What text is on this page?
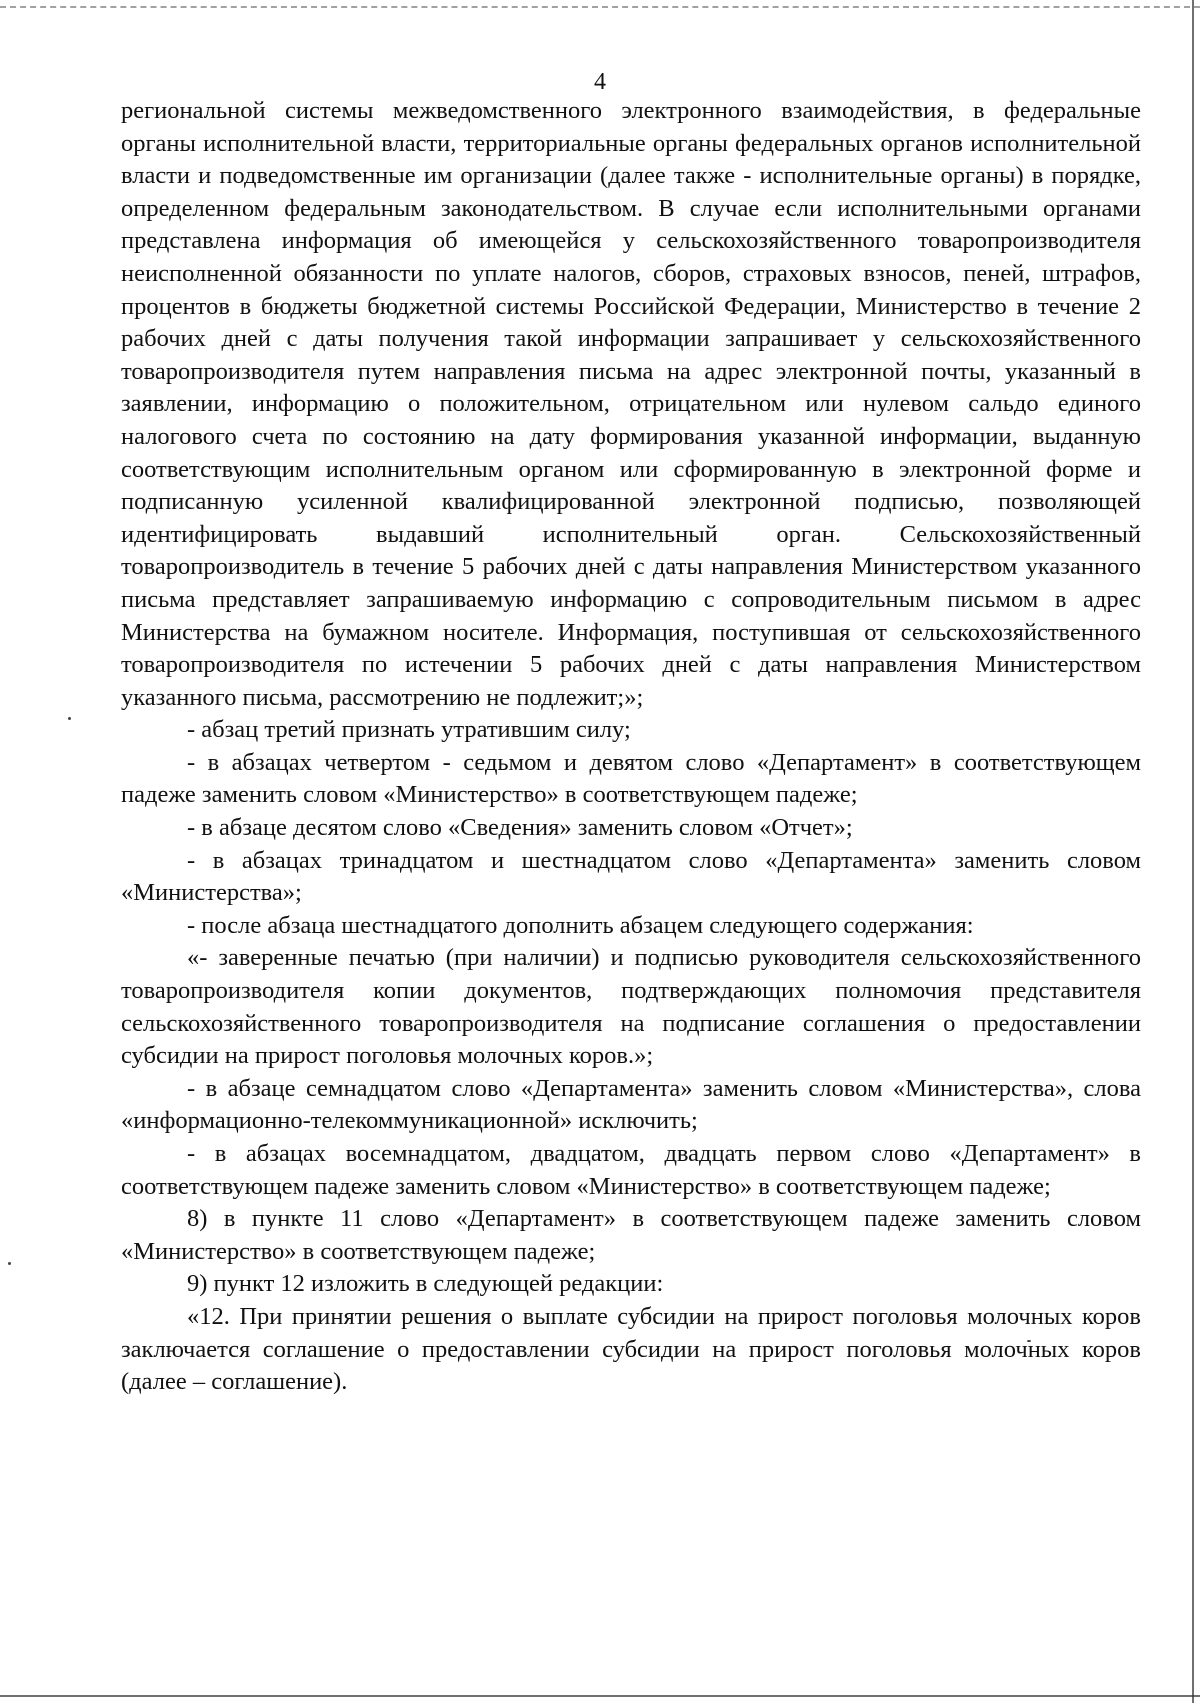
4

региональной системы межведомственного электронного взаимодействия, в федеральные органы исполнительной власти, территориальные органы федеральных органов исполнительной власти и подведомственные им организации (далее также - исполнительные органы) в порядке, определенном федеральным законодательством. В случае если исполнительными органами представлена информация об имеющейся у сельскохозяйственного товаропроизводителя неисполненной обязанности по уплате налогов, сборов, страховых взносов, пеней, штрафов, процентов в бюджеты бюджетной системы Российской Федерации, Министерство в течение 2 рабочих дней с даты получения такой информации запрашивает у сельскохозяйственного товаропроизводителя путем направления письма на адрес электронной почты, указанный в заявлении, информацию о положительном, отрицательном или нулевом сальдо единого налогового счета по состоянию на дату формирования указанной информации, выданную соответствующим исполнительным органом или сформированную в электронной форме и подписанную усиленной квалифицированной электронной подписью, позволяющей идентифицировать выдавший исполнительный орган. Сельскохозяйственный товаропроизводитель в течение 5 рабочих дней с даты направления Министерством указанного письма представляет запрашиваемую информацию с сопроводительным письмом в адрес Министерства на бумажном носителе. Информация, поступившая от сельскохозяйственного товаропроизводителя по истечении 5 рабочих дней с даты направления Министерством указанного письма, рассмотрению не подлежит;»;

- абзац третий признать утратившим силу;

- в абзацах четвертом - седьмом и девятом слово «Департамент» в соответствующем падеже заменить словом «Министерство» в соответствующем падеже;

- в абзаце десятом слово «Сведения» заменить словом «Отчет»;

- в абзацах тринадцатом и шестнадцатом слово «Департамента» заменить словом «Министерства»;

- после абзаца шестнадцатого дополнить абзацем следующего содержания:

«- заверенные печатью (при наличии) и подписью руководителя сельскохозяйственного товаропроизводителя копии документов, подтверждающих полномочия представителя сельскохозяйственного товаропроизводителя на подписание соглашения о предоставлении субсидии на прирост поголовья молочных коров.»;

- в абзаце семнадцатом слово «Департамента» заменить словом «Министерства», слова «информационно-телекоммуникационной» исключить;

- в абзацах восемнадцатом, двадцатом, двадцать первом слово «Департамент» в соответствующем падеже заменить словом «Министерство» в соответствующем падеже;

8) в пункте 11 слово «Департамент» в соответствующем падеже заменить словом «Министерство» в соответствующем падеже;

9) пункт 12 изложить в следующей редакции:

«12. При принятии решения о выплате субсидии на прирост поголовья молочных коров заключается соглашение о предоставлении субсидии на прирост поголовья молочных коров (далее – соглашение).
